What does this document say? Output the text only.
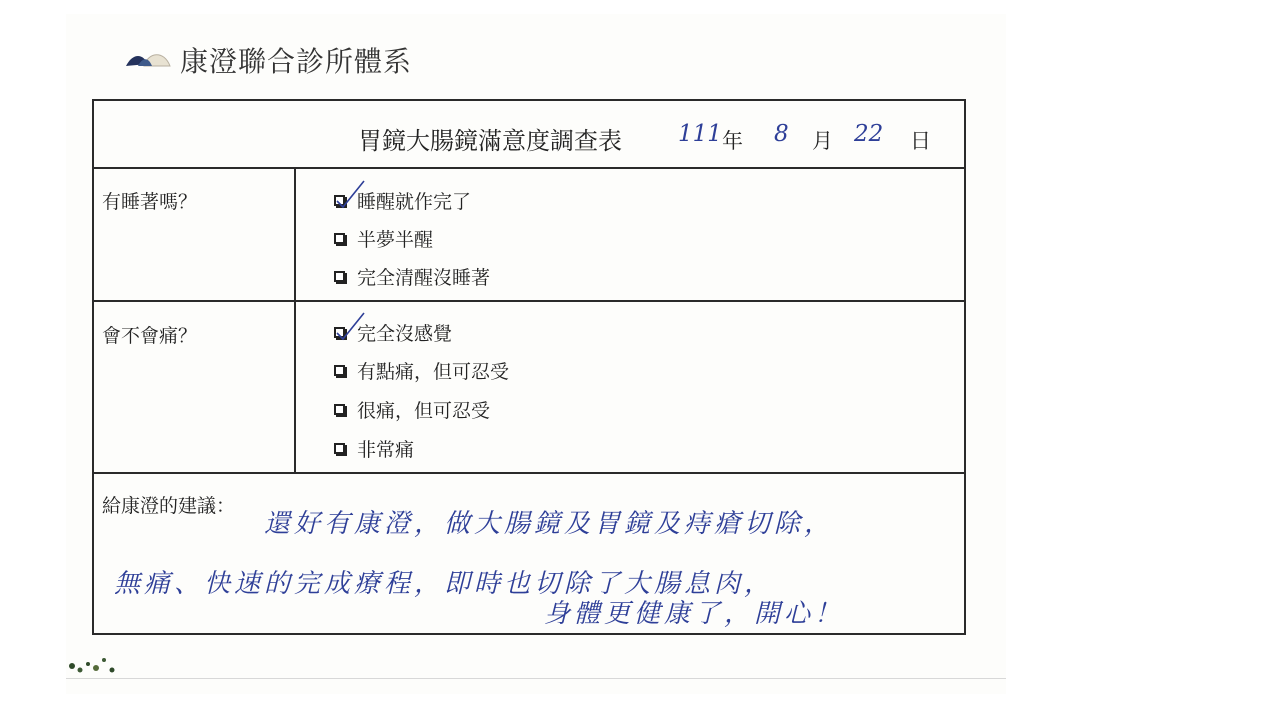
康澄聯合診所體系
胃鏡大腸鏡滿意度調查表 111 年 8 月 22 日
有睡著嗎？	睡醒就作完了
半夢半醒
完全清醒沒睡著
會不會痛？	完全沒感覺
有點痛，但可忍受
很痛，但可忍受
非常痛
給康澄的建議：
還好有康澄，做大腸鏡及胃鏡及痔瘡切除，
無痛、快速的完成療程，即時也切除了大腸息肉，
身體更健康了，開心！
